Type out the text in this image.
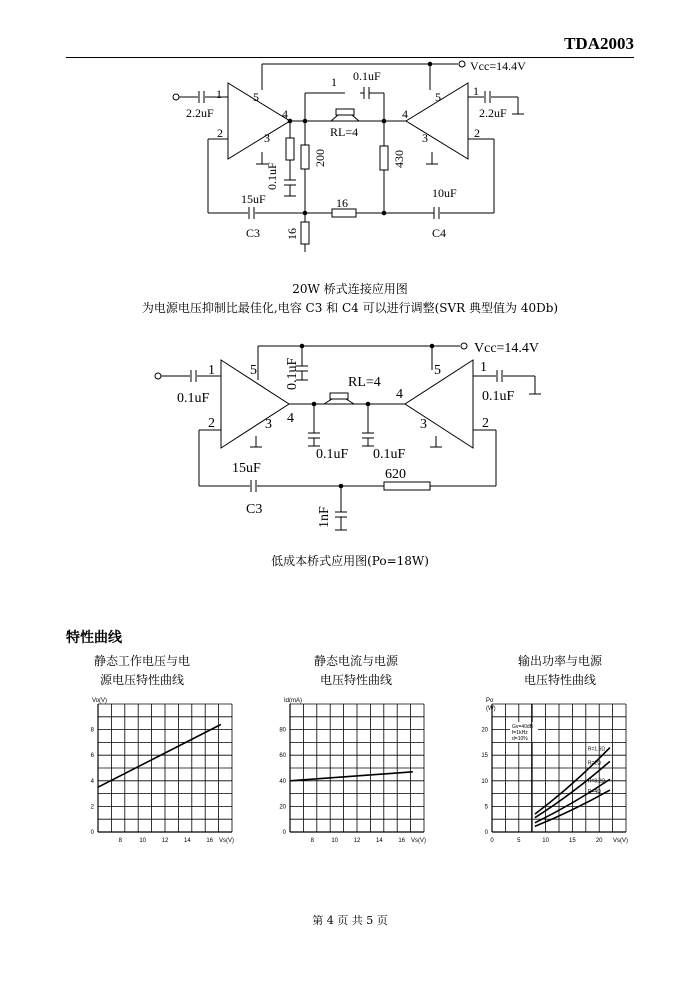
TDA2003
Vcc=14.4V
2.2uF	2.2uF
1	5
4
3
2
1
5
4
3	2
1 0.1uF
RL=4
15uF
C3
16
10uF
C4
0.1uF
200	430
16
20W 桥式连接应用图
为电源电压抑制比最佳化,电容 C3 和 C4 可以进行调整(SVR 典型值为 40Db)
Vcc=14.4V
0.1uF	0.1uF
1	5
4
3
2
1
5
4
3	2
RL=4
0.1uF 0.1uF
15uF
C3
620
0.1uF
1nF
低成本桥式应用图(Po=18W)
特性曲线
静态工作电压与电
源电压特性曲线
静态电流与电源
电压特性曲线
输出功率与电源
电压特性曲线
0
2
4
6
8
8	10	12	14	16
Vo(V)
Vs(V)
0
20
40
60
80
8	10	12	14	16
Id(mA)
Vs(V)
0
5
10
15
20
0	5	10	15	20
Po
(W)
Vs(V)
Gv=40dB
f=1kHz
d=10%
R=1.6Ω
R=2Ω
R=3.2Ω
R=4Ω
第 4 页 共 5 页
